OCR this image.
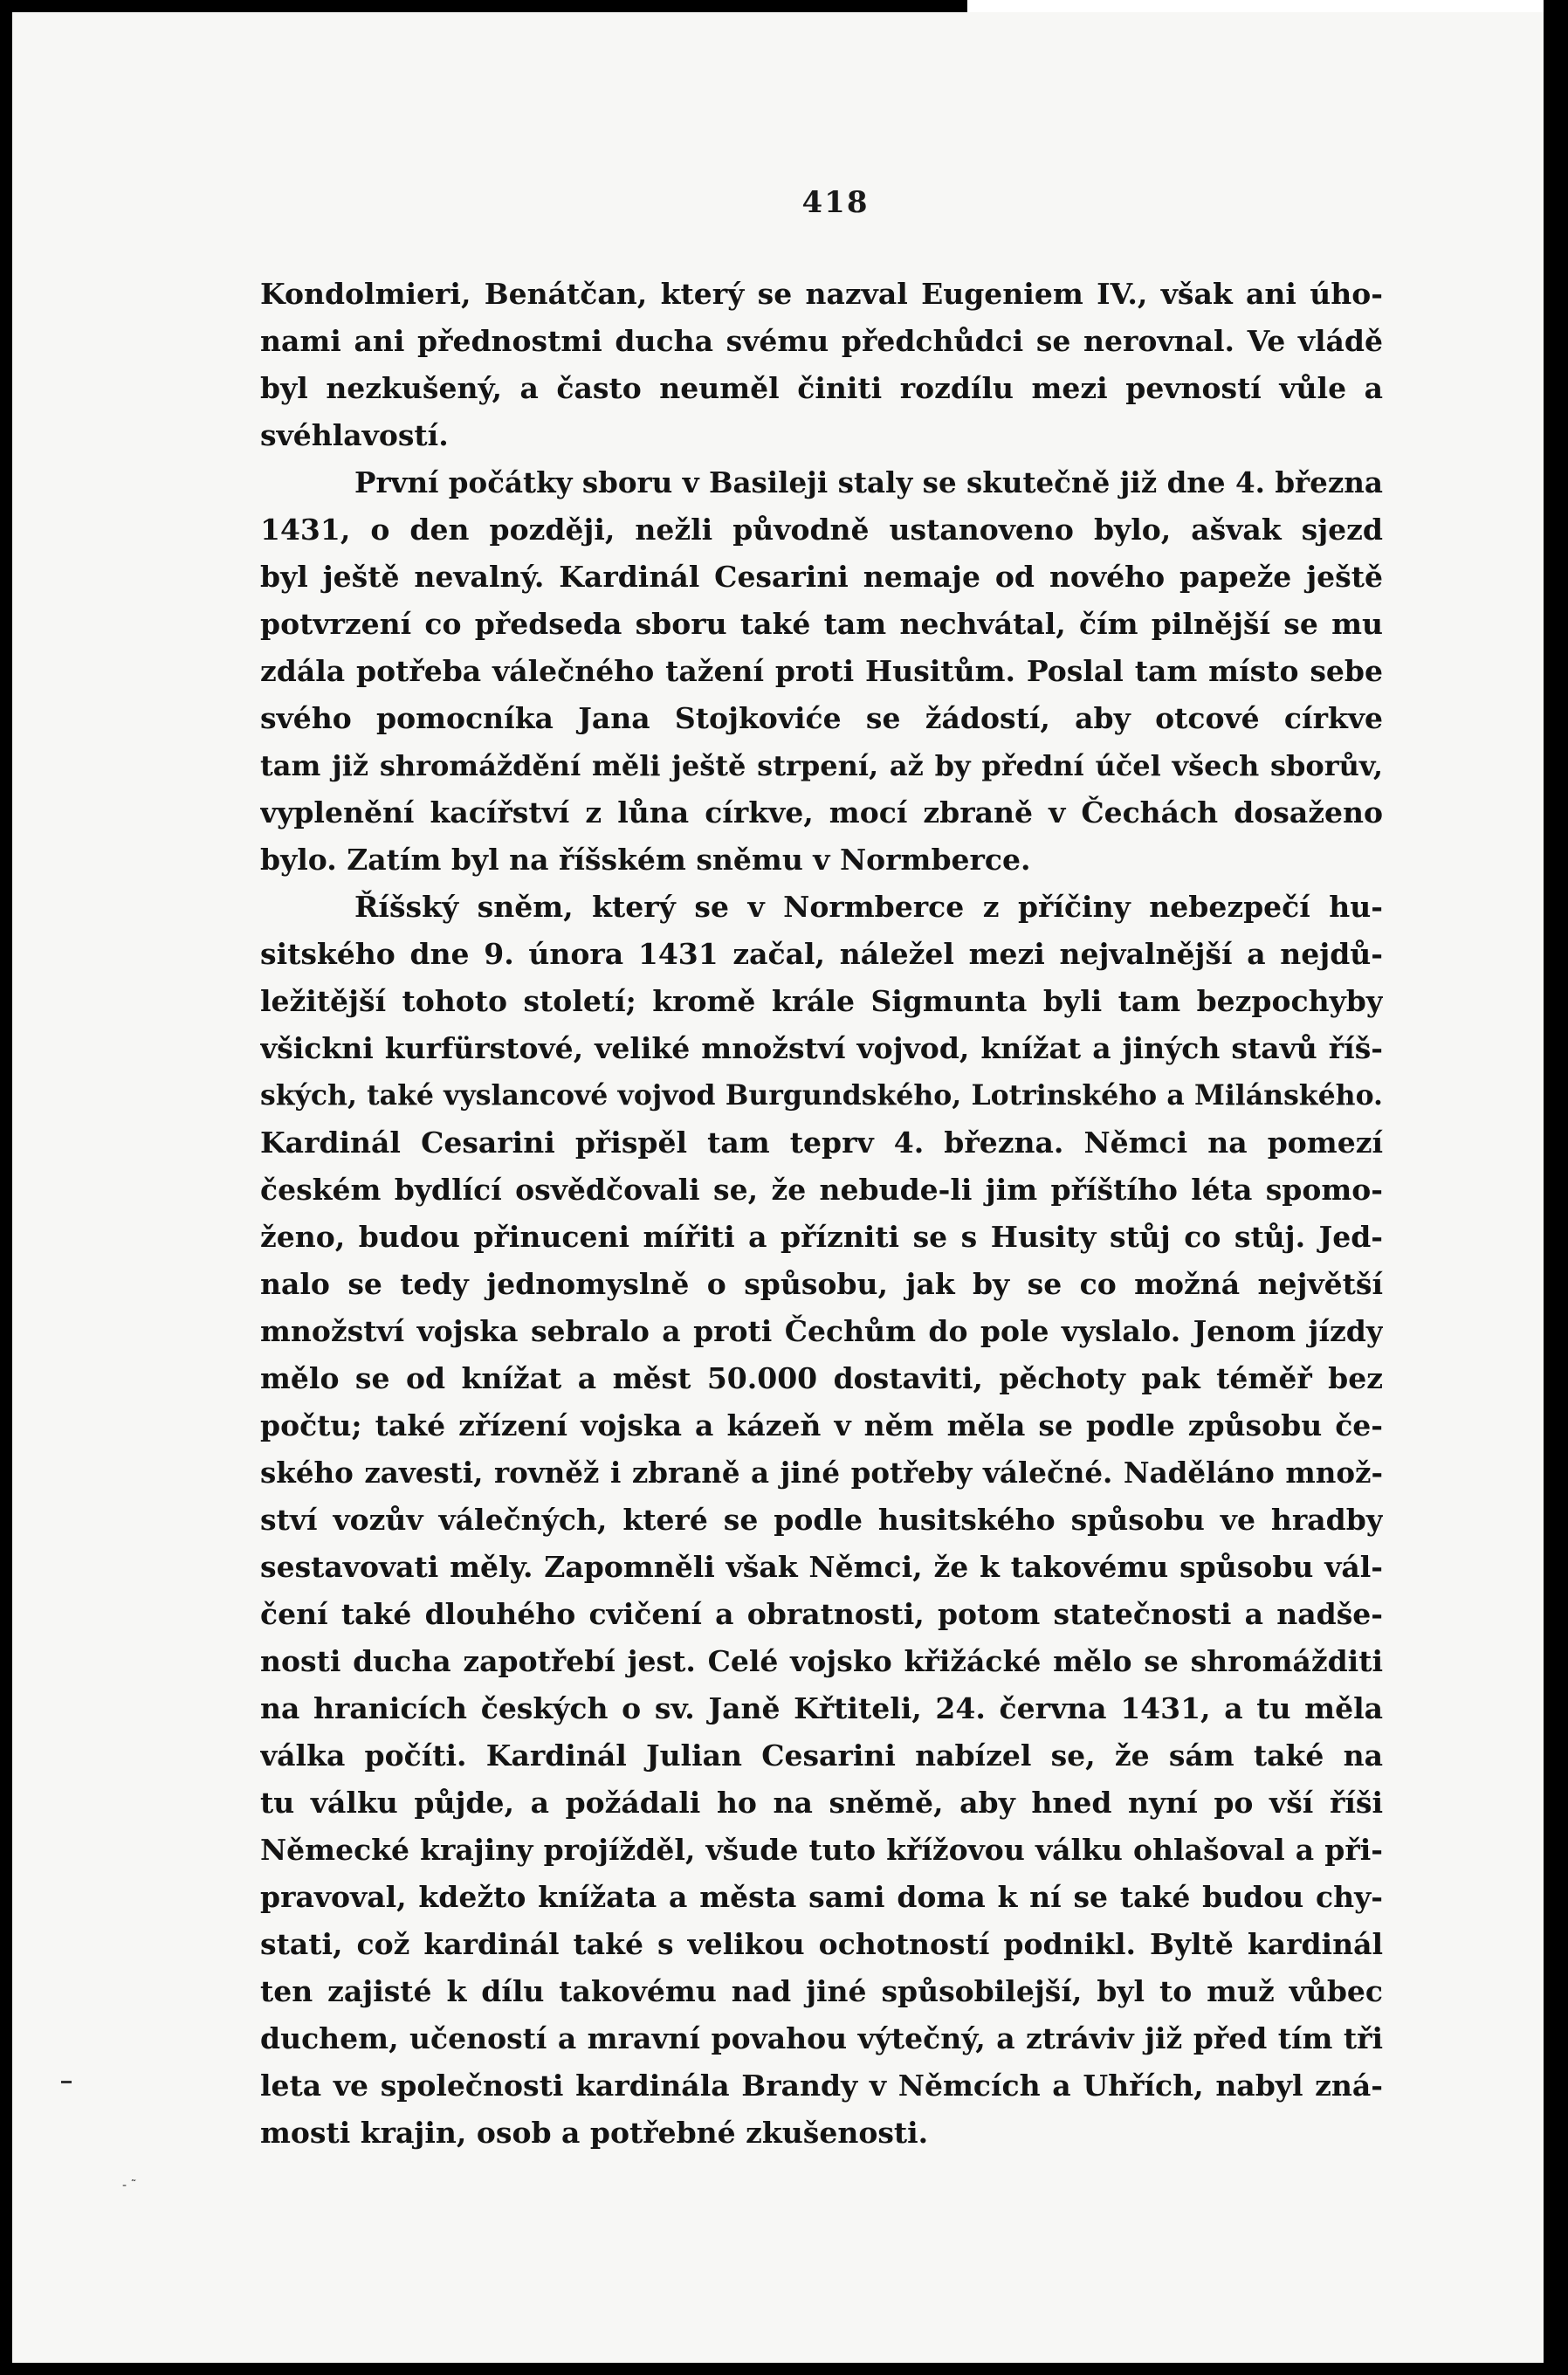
418
Kondolmieri, Benátčan, který se nazval Eugeniem IV., však ani úho-
nami ani přednostmi ducha svému předchůdci se nerovnal. Ve vládě
byl nezkušený, a často neuměl činiti rozdílu mezi pevností vůle a
svéhlavostí.
První počátky sboru v Basileji staly se skutečně již dne 4. března
1431, o den později, nežli původně ustanoveno bylo, ašvak sjezd
byl ještě nevalný. Kardinál Cesarini nemaje od nového papeže ještě
potvrzení co předseda sboru také tam nechvátal, čím pilnější se mu
zdála potřeba válečného tažení proti Husitům. Poslal tam místo sebe
svého pomocníka Jana Stojkoviće se žádostí, aby otcové církve
tam již shromáždění měli ještě strpení, až by přední účel všech sborův,
vyplenění kacířství z lůna církve, mocí zbraně v Čechách dosaženo
bylo. Zatím byl na říšském sněmu v Normberce.
Říšský sněm, který se v Normberce z příčiny nebezpečí hu-
sitského dne 9. února 1431 začal, náležel mezi nejvalnější a nejdů-
ležitější tohoto století; kromě krále Sigmunta byli tam bezpochyby
všickni kurfürstové, veliké množství vojvod, knížat a jiných stavů říš-
ských, také vyslancové vojvod Burgundského, Lotrinského a Milánského.
Kardinál Cesarini přispěl tam teprv 4. března. Němci na pomezí
českém bydlící osvědčovali se, že nebude-li jim příštího léta spomo-
ženo, budou přinuceni mířiti a přízniti se s Husity stůj co stůj. Jed-
nalo se tedy jednomyslně o spůsobu, jak by se co možná největší
množství vojska sebralo a proti Čechům do pole vyslalo. Jenom jízdy
mělo se od knížat a měst 50.000 dostaviti, pěchoty pak téměř bez
počtu; také zřízení vojska a kázeň v něm měla se podle způsobu če-
ského zavesti, rovněž i zbraně a jiné potřeby válečné. Naděláno množ-
ství vozův válečných, které se podle husitského spůsobu ve hradby
sestavovati měly. Zapomněli však Němci, že k takovému spůsobu vál-
čení také dlouhého cvičení a obratnosti, potom statečnosti a nadše-
nosti ducha zapotřebí jest. Celé vojsko křižácké mělo se shromážditi
na hranicích českých o sv. Janě Křtiteli, 24. června 1431, a tu měla
válka počíti. Kardinál Julian Cesarini nabízel se, že sám také na
tu válku půjde, a požádali ho na sněmě, aby hned nyní po vší říši
Německé krajiny projížděl, všude tuto křížovou válku ohlašoval a při-
pravoval, kdežto knížata a města sami doma k ní se také budou chy-
stati, což kardinál také s velikou ochotností podnikl. Byltě kardinál
ten zajisté k dílu takovému nad jiné spůsobilejší, byl to muž vůbec
duchem, učeností a mravní povahou výtečný, a ztráviv již před tím tři
leta ve společnosti kardinála Brandy v Němcích a Uhřích, nabyl zná-
mosti krajin, osob a potřebné zkušenosti.
- ˜
